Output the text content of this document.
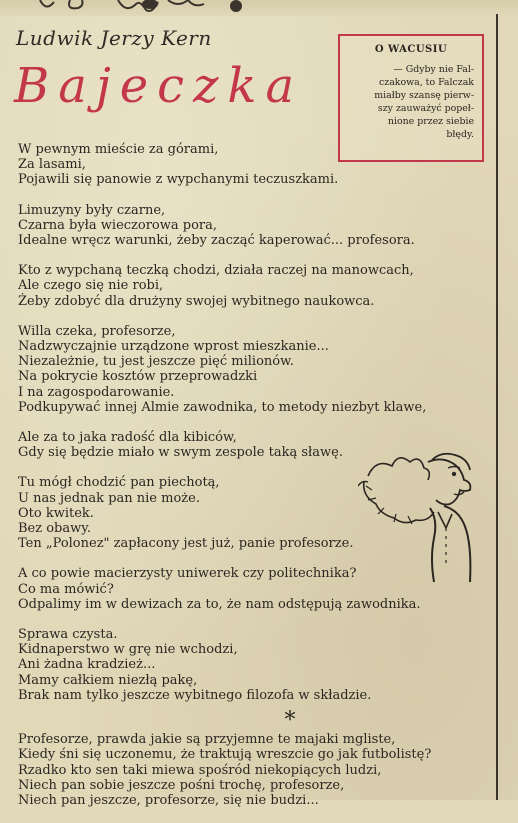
Ludwik Jerzy Kern
Bajeczka
O WACUSIU
— Gdyby nie Fal-
czakowa, to Falczak
miałby szansę pierw-
szy zauważyć popeł-
nione przez siebie
błędy.
W pewnym mieście za górami,
Za lasami,
Pojawili się panowie z wypchanymi teczuszkami.
Limuzyny były czarne,
Czarna była wieczorowa pora,
Idealne wręcz warunki, żeby zacząć kaperować... profesora.
Kto z wypchaną teczką chodzi, działa raczej na manowcach,
Ale czego się nie robi,
Żeby zdobyć dla drużyny swojej wybitnego naukowca.
Willa czeka, profesorze,
Nadzwyczajnie urządzone wprost mieszkanie...
Niezależnie, tu jest jeszcze pięć milionów.
Na pokrycie kosztów przeprowadzki
I na zagospodarowanie.
Podkupywać innej Almie zawodnika, to metody niezbyt klawe,
Ale za to jaka radość dla kibiców,
Gdy się będzie miało w swym zespole taką sławę.
Tu mógł chodzić pan piechotą,
U nas jednak pan nie może.
Oto kwitek.
Bez obawy.
Ten „Polonez" zapłacony jest już, panie profesorze.
A co powie macierzysty uniwerek czy politechnika?
Co ma mówić?
Odpalimy im w dewizach za to, że nam odstępują zawodnika.
Sprawa czysta.
Kidnaperstwo w grę nie wchodzi,
Ani żadna kradzież...
Mamy całkiem niezłą pakę,
Brak nam tylko jeszcze wybitnego filozofa w składzie.
*
Profesorze, prawda jakie są przyjemne te majaki mgliste,
Kiedy śni się uczonemu, że traktują wreszcie go jak futbolistę?
Rzadko kto sen taki miewa spośród niekopiących ludzi,
Niech pan sobie jeszcze pośni trochę, profesorze,
Niech pan jeszcze, profesorze, się nie budzi...
